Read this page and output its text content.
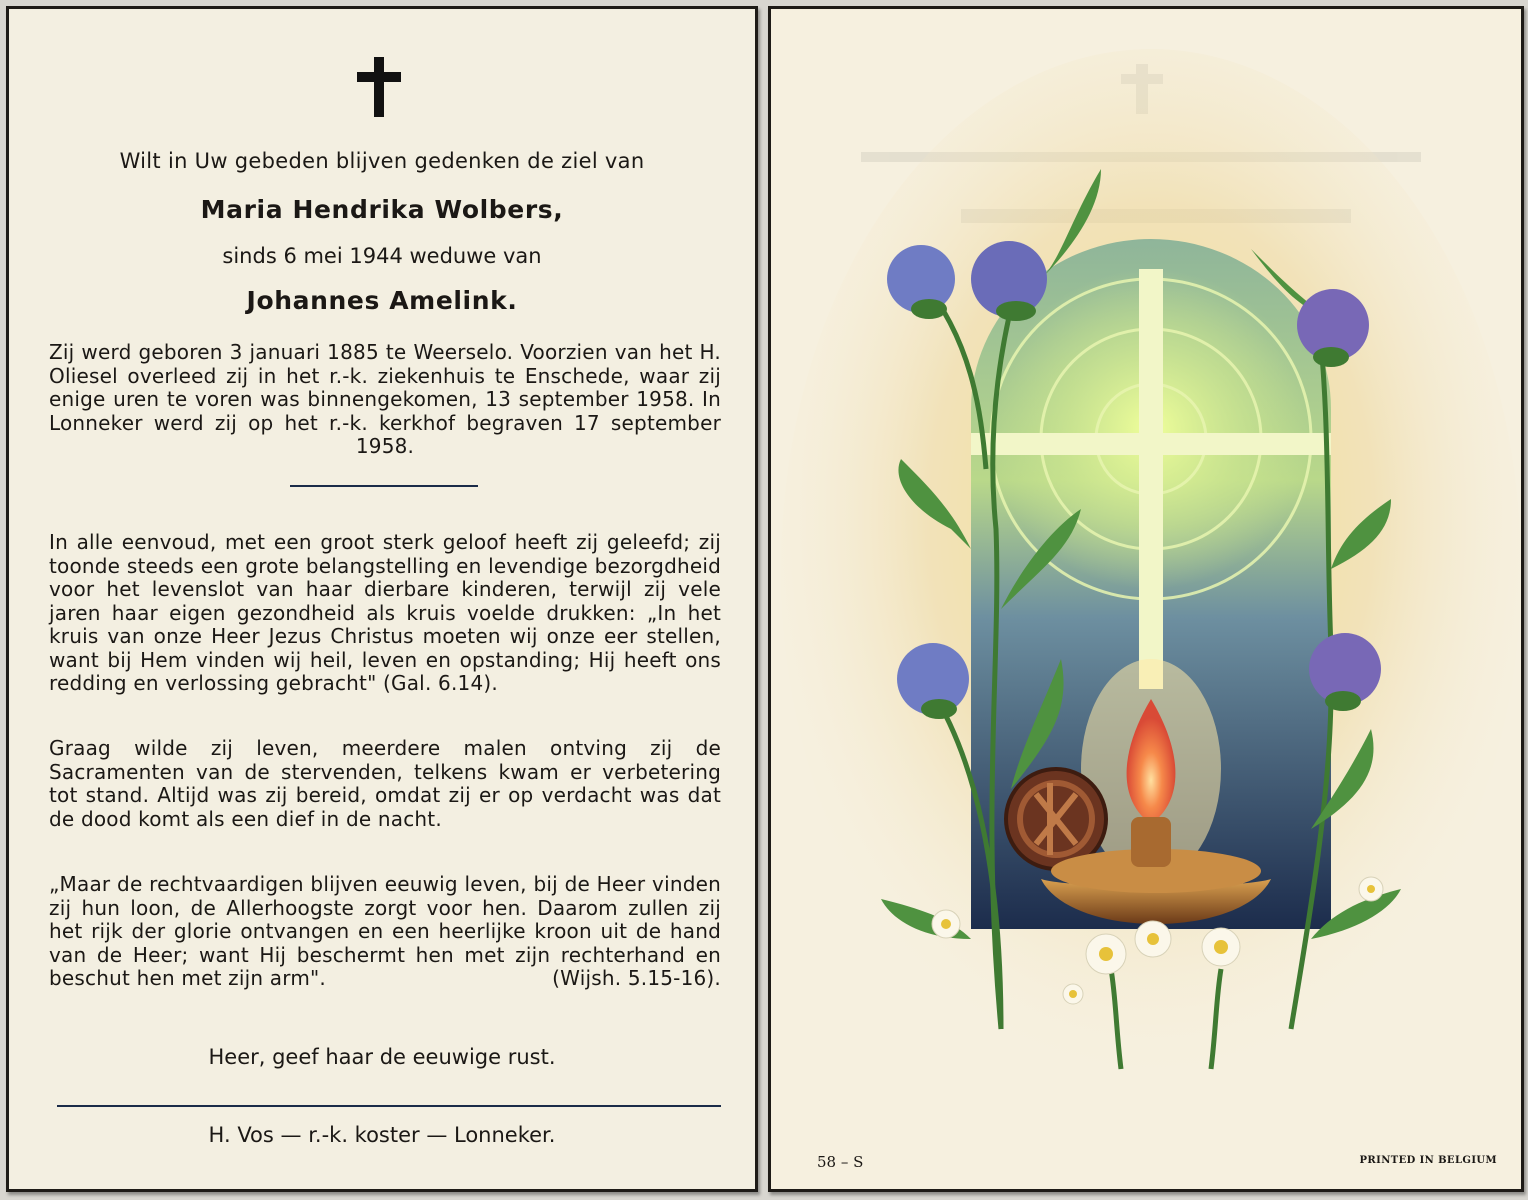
Wilt in Uw gebeden blijven gedenken de ziel van
Maria Hendrika Wolbers,
sinds 6 mei 1944 weduwe van
Johannes Amelink.
Zij werd geboren 3 januari 1885 te Weerselo. Voorzien van het H. Oliesel overleed zij in het r.-k. ziekenhuis te Enschede, waar zij enige uren te voren was binnengekomen, 13 september 1958. In Lonneker werd zij op het r.-k. kerkhof begraven 17 september 1958.
In alle eenvoud, met een groot sterk geloof heeft zij geleefd; zij toonde steeds een grote belangstelling en levendige bezorgdheid voor het levenslot van haar dierbare kinderen, terwijl zij vele jaren haar eigen gezondheid als kruis voelde drukken: „In het kruis van onze Heer Jezus Christus moeten wij onze eer stellen, want bij Hem vinden wij heil, leven en opstanding; Hij heeft ons redding en verlossing gebracht" (Gal. 6.14).
Graag wilde zij leven, meerdere malen ontving zij de Sacramenten van de stervenden, telkens kwam er verbetering tot stand. Altijd was zij bereid, omdat zij er op verdacht was dat de dood komt als een dief in de nacht.
„Maar de rechtvaardigen blijven eeuwig leven, bij de Heer vinden zij hun loon, de Allerhoogste zorgt voor hen. Daarom zullen zij het rijk der glorie ontvangen en een heerlijke kroon uit de hand van de Heer; want Hij beschermt hen met zijn rechterhand en beschut hen met zijn arm".	(Wijsh. 5.15-16).
Heer, geef haar de eeuwige rust.
H. Vos — r.-k. koster — Lonneker.
58 – S	PRINTED IN BELGIUM
